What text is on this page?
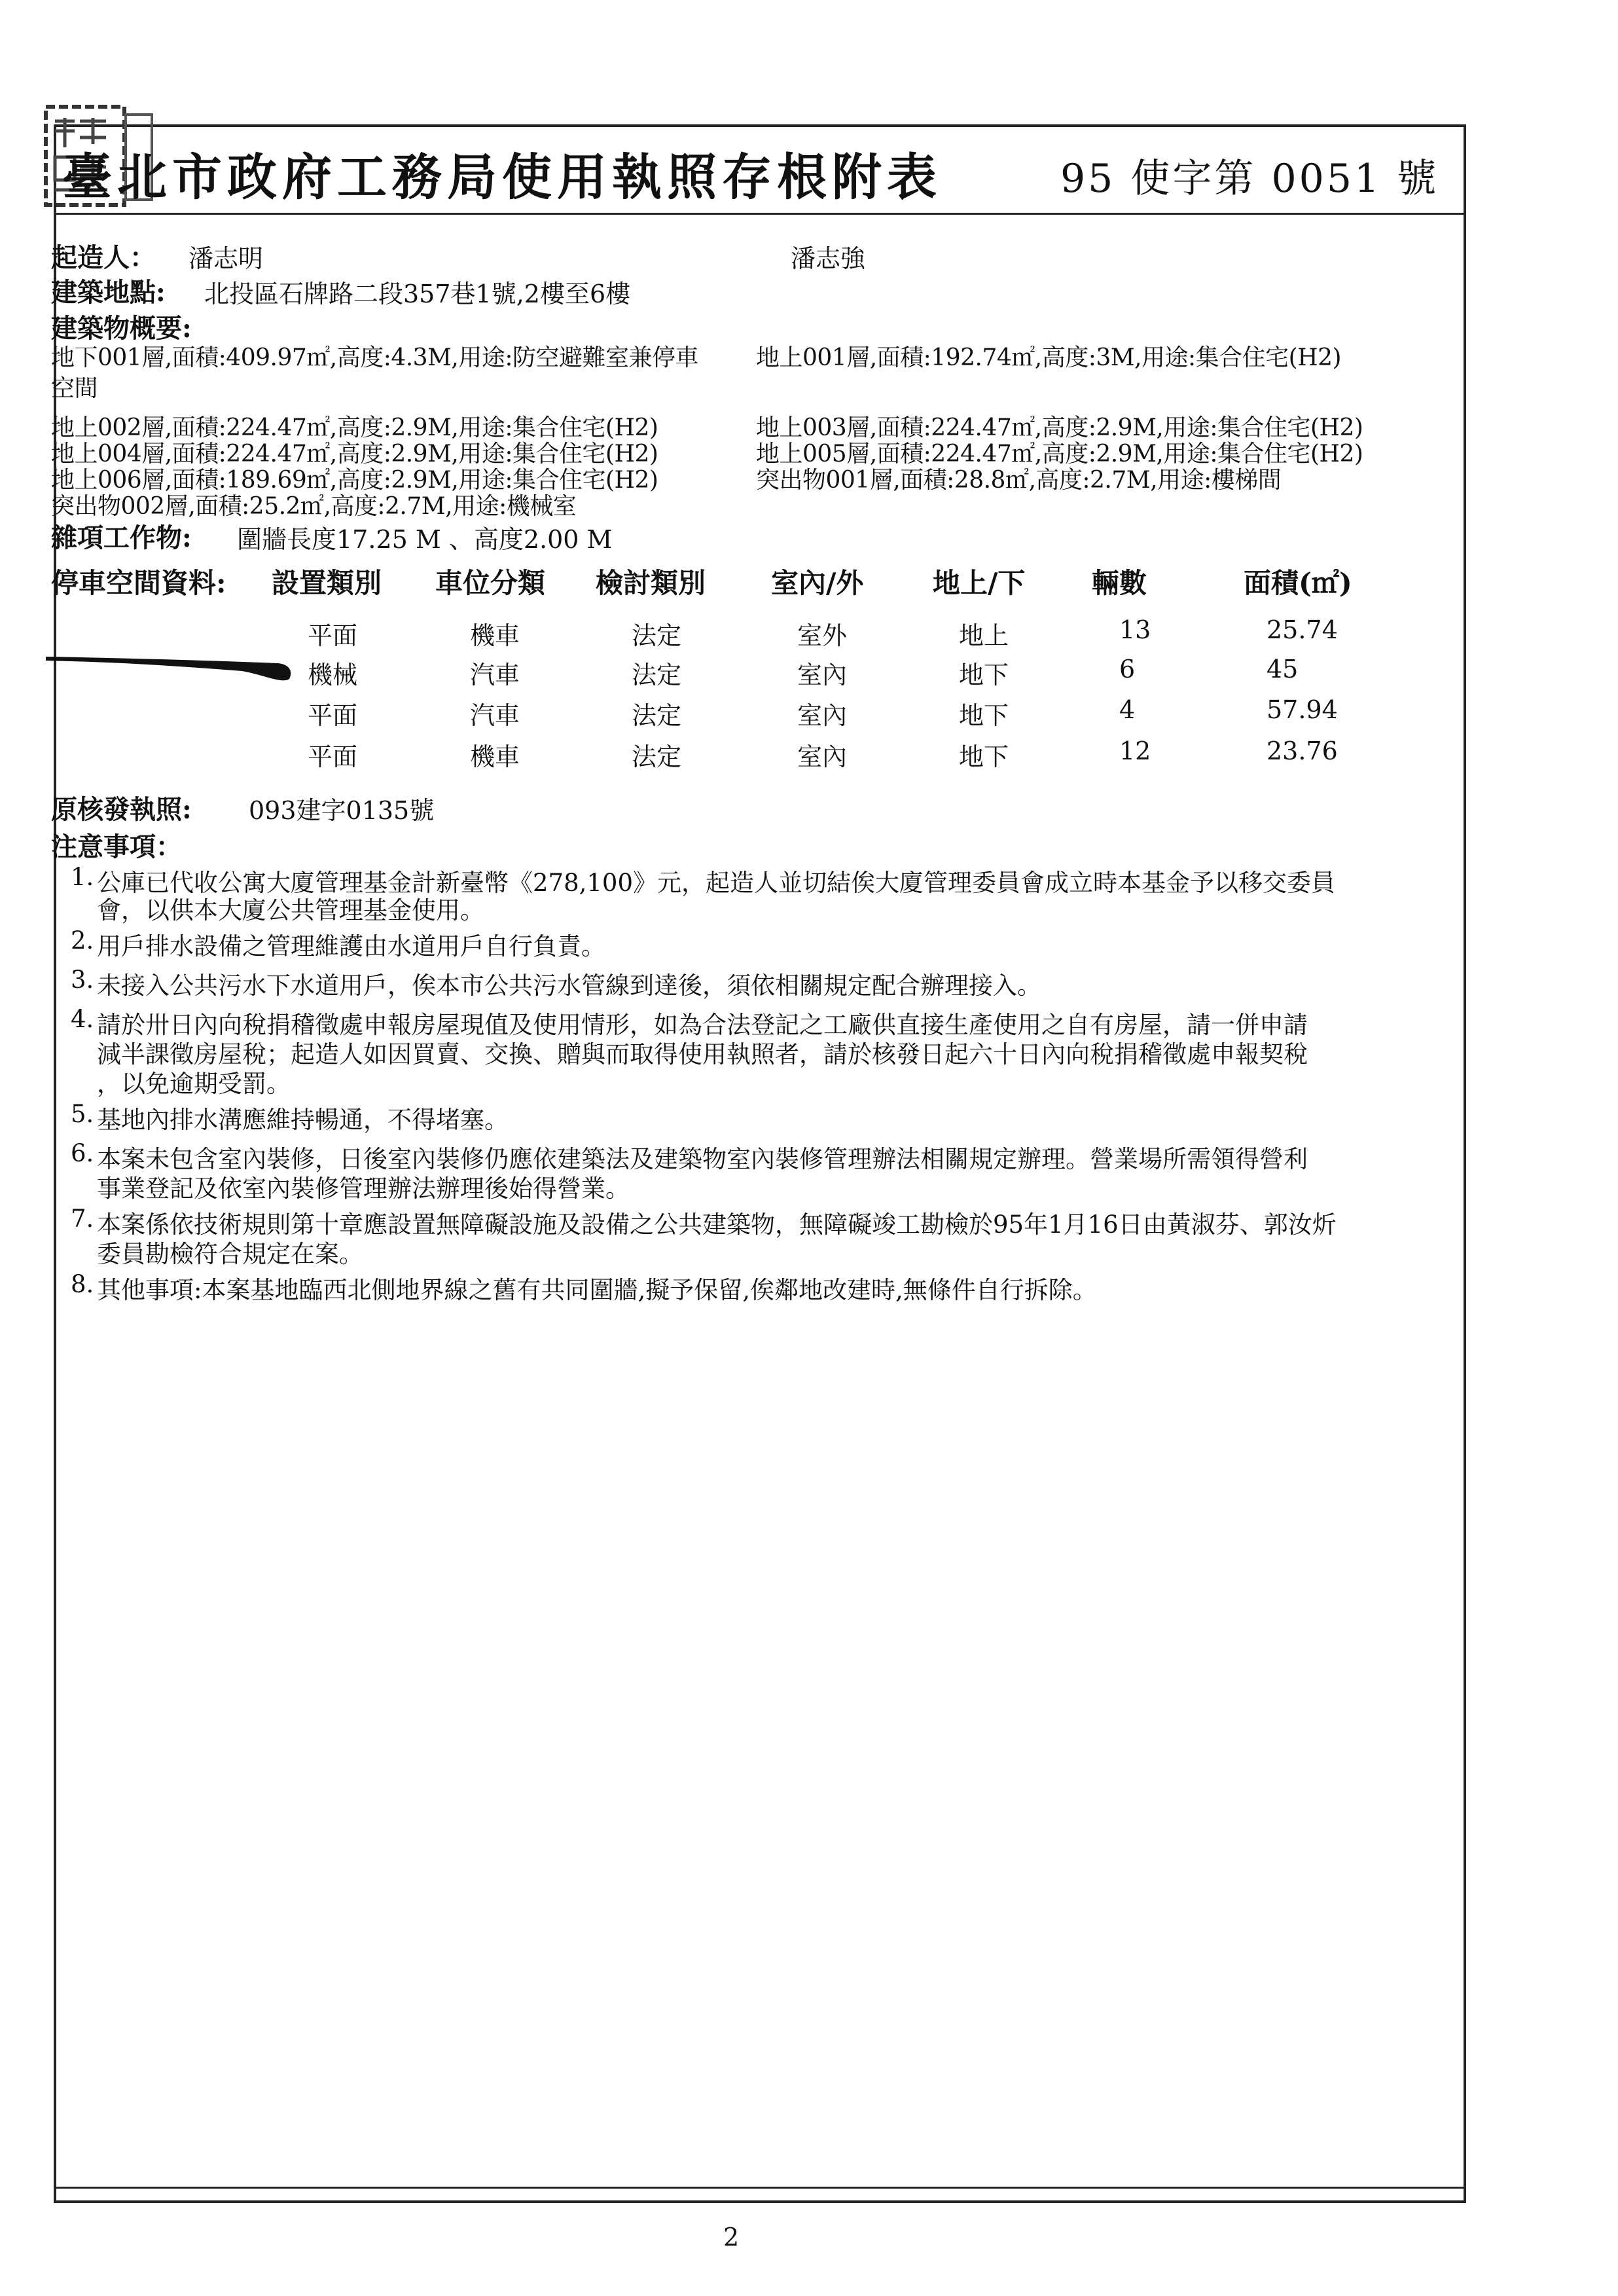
臺北市政府工務局使用執照存根附表	95 使字第 0051 號
起造人： 潘志明	潘志強
建築地點: 北投區石牌路二段357巷1號,2樓至6樓
建築物概要:
地下001層,面積:409.97㎡,高度:4.3M,用途:防空避難室兼停車 地上001層,面積:192.74㎡,高度:3M,用途:集合住宅(H2)
空間
地上002層,面積:224.47㎡,高度:2.9M,用途:集合住宅(H2)	地上003層,面積:224.47㎡,高度:2.9M,用途:集合住宅(H2)
地上004層,面積:224.47㎡,高度:2.9M,用途:集合住宅(H2)	地上005層,面積:224.47㎡,高度:2.9M,用途:集合住宅(H2)
地上006層,面積:189.69㎡,高度:2.9M,用途:集合住宅(H2)	突出物001層,面積:28.8㎡,高度:2.7M,用途:樓梯間
突出物002層,面積:25.2㎡,高度:2.7M,用途:機械室
雜項工作物: 圍牆長度17.25 M 、高度2.00 M
停車空間資料: 設置類別 車位分類 檢討類別 室內/外	地上/下 輛數	面積(㎡)
平面	機車	法定	室外	地上	13	25.74
機械	汽車	法定	室內	地下	6	45
平面	汽車	法定	室內	地下	4	57.94
平面	機車	法定	室內	地下	12	23.76
原核發執照: 093建字0135號
注意事項：
1. 公庫已代收公寓大廈管理基金計新臺幣《278,100》元，起造人並切結俟大廈管理委員會成立時本基金予以移交委員
會，以供本大廈公共管理基金使用。
2. 用戶排水設備之管理維護由水道用戶自行負責。
3. 未接入公共污水下水道用戶，俟本市公共污水管線到達後，須依相關規定配合辦理接入。
4. 請於卅日內向稅捐稽徵處申報房屋現值及使用情形，如為合法登記之工廠供直接生產使用之自有房屋，請一併申請
減半課徵房屋稅；起造人如因買賣、交換、贈與而取得使用執照者，請於核發日起六十日內向稅捐稽徵處申報契稅
，以免逾期受罰。
5. 基地內排水溝應維持暢通，不得堵塞。
6. 本案未包含室內裝修，日後室內裝修仍應依建築法及建築物室內裝修管理辦法相關規定辦理。營業場所需領得營利
事業登記及依室內裝修管理辦法辦理後始得營業。
7. 本案係依技術規則第十章應設置無障礙設施及設備之公共建築物，無障礙竣工勘檢於95年1月16日由黃淑芬、郭汝炘
委員勘檢符合規定在案。
8. 其他事項:本案基地臨西北側地界線之舊有共同圍牆,擬予保留,俟鄰地改建時,無條件自行拆除。
2
